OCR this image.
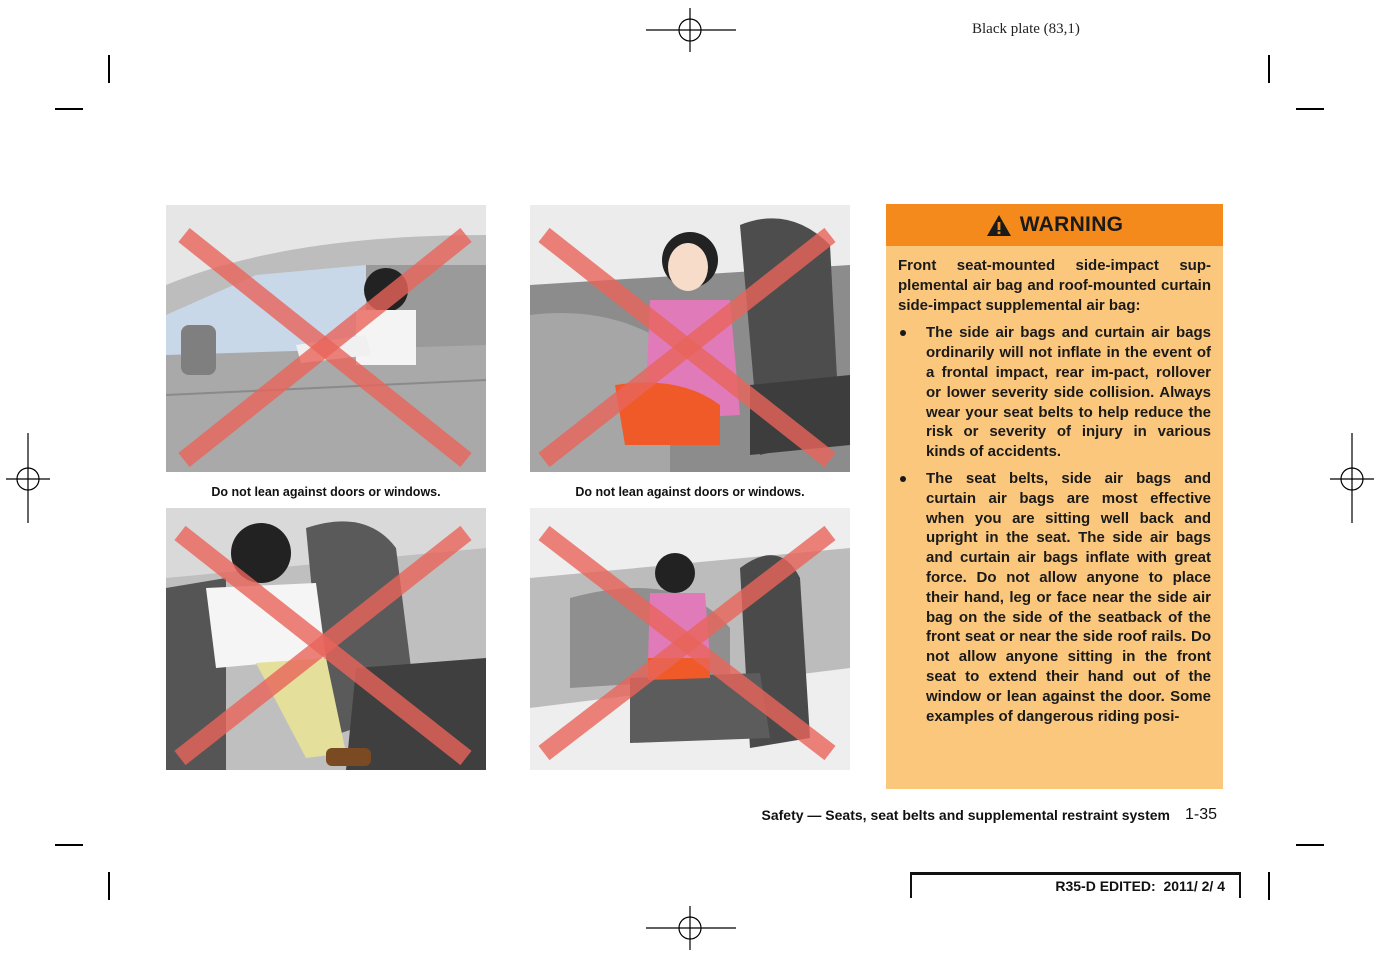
Black plate (83,1)
Do not lean against doors or windows.	Do not lean against doors or windows.
WARNING

Front seat-mounted side-impact sup-plemental air bag and roof-mounted curtain side-impact supplemental air bag:

The side air bags and curtain air bags ordinarily will not inflate in the event of a frontal impact, rear im-pact, rollover or lower severity side collision. Always wear your seat belts to help reduce the risk or severity of injury in various kinds of accidents.
The seat belts, side air bags and curtain air bags are most effective when you are sitting well back and upright in the seat. The side air bags and curtain air bags inflate with great force. Do not allow anyone to place their hand, leg or face near the side air bag on the side of the seatback of the front seat or near the side roof rails. Do not allow anyone sitting in the front seat to extend their hand out of the window or lean against the door. Some examples of dangerous riding posi-
Safety — Seats, seat belts and supplemental restraint system 1-35
R35-D EDITED:  2011/ 2/ 4
